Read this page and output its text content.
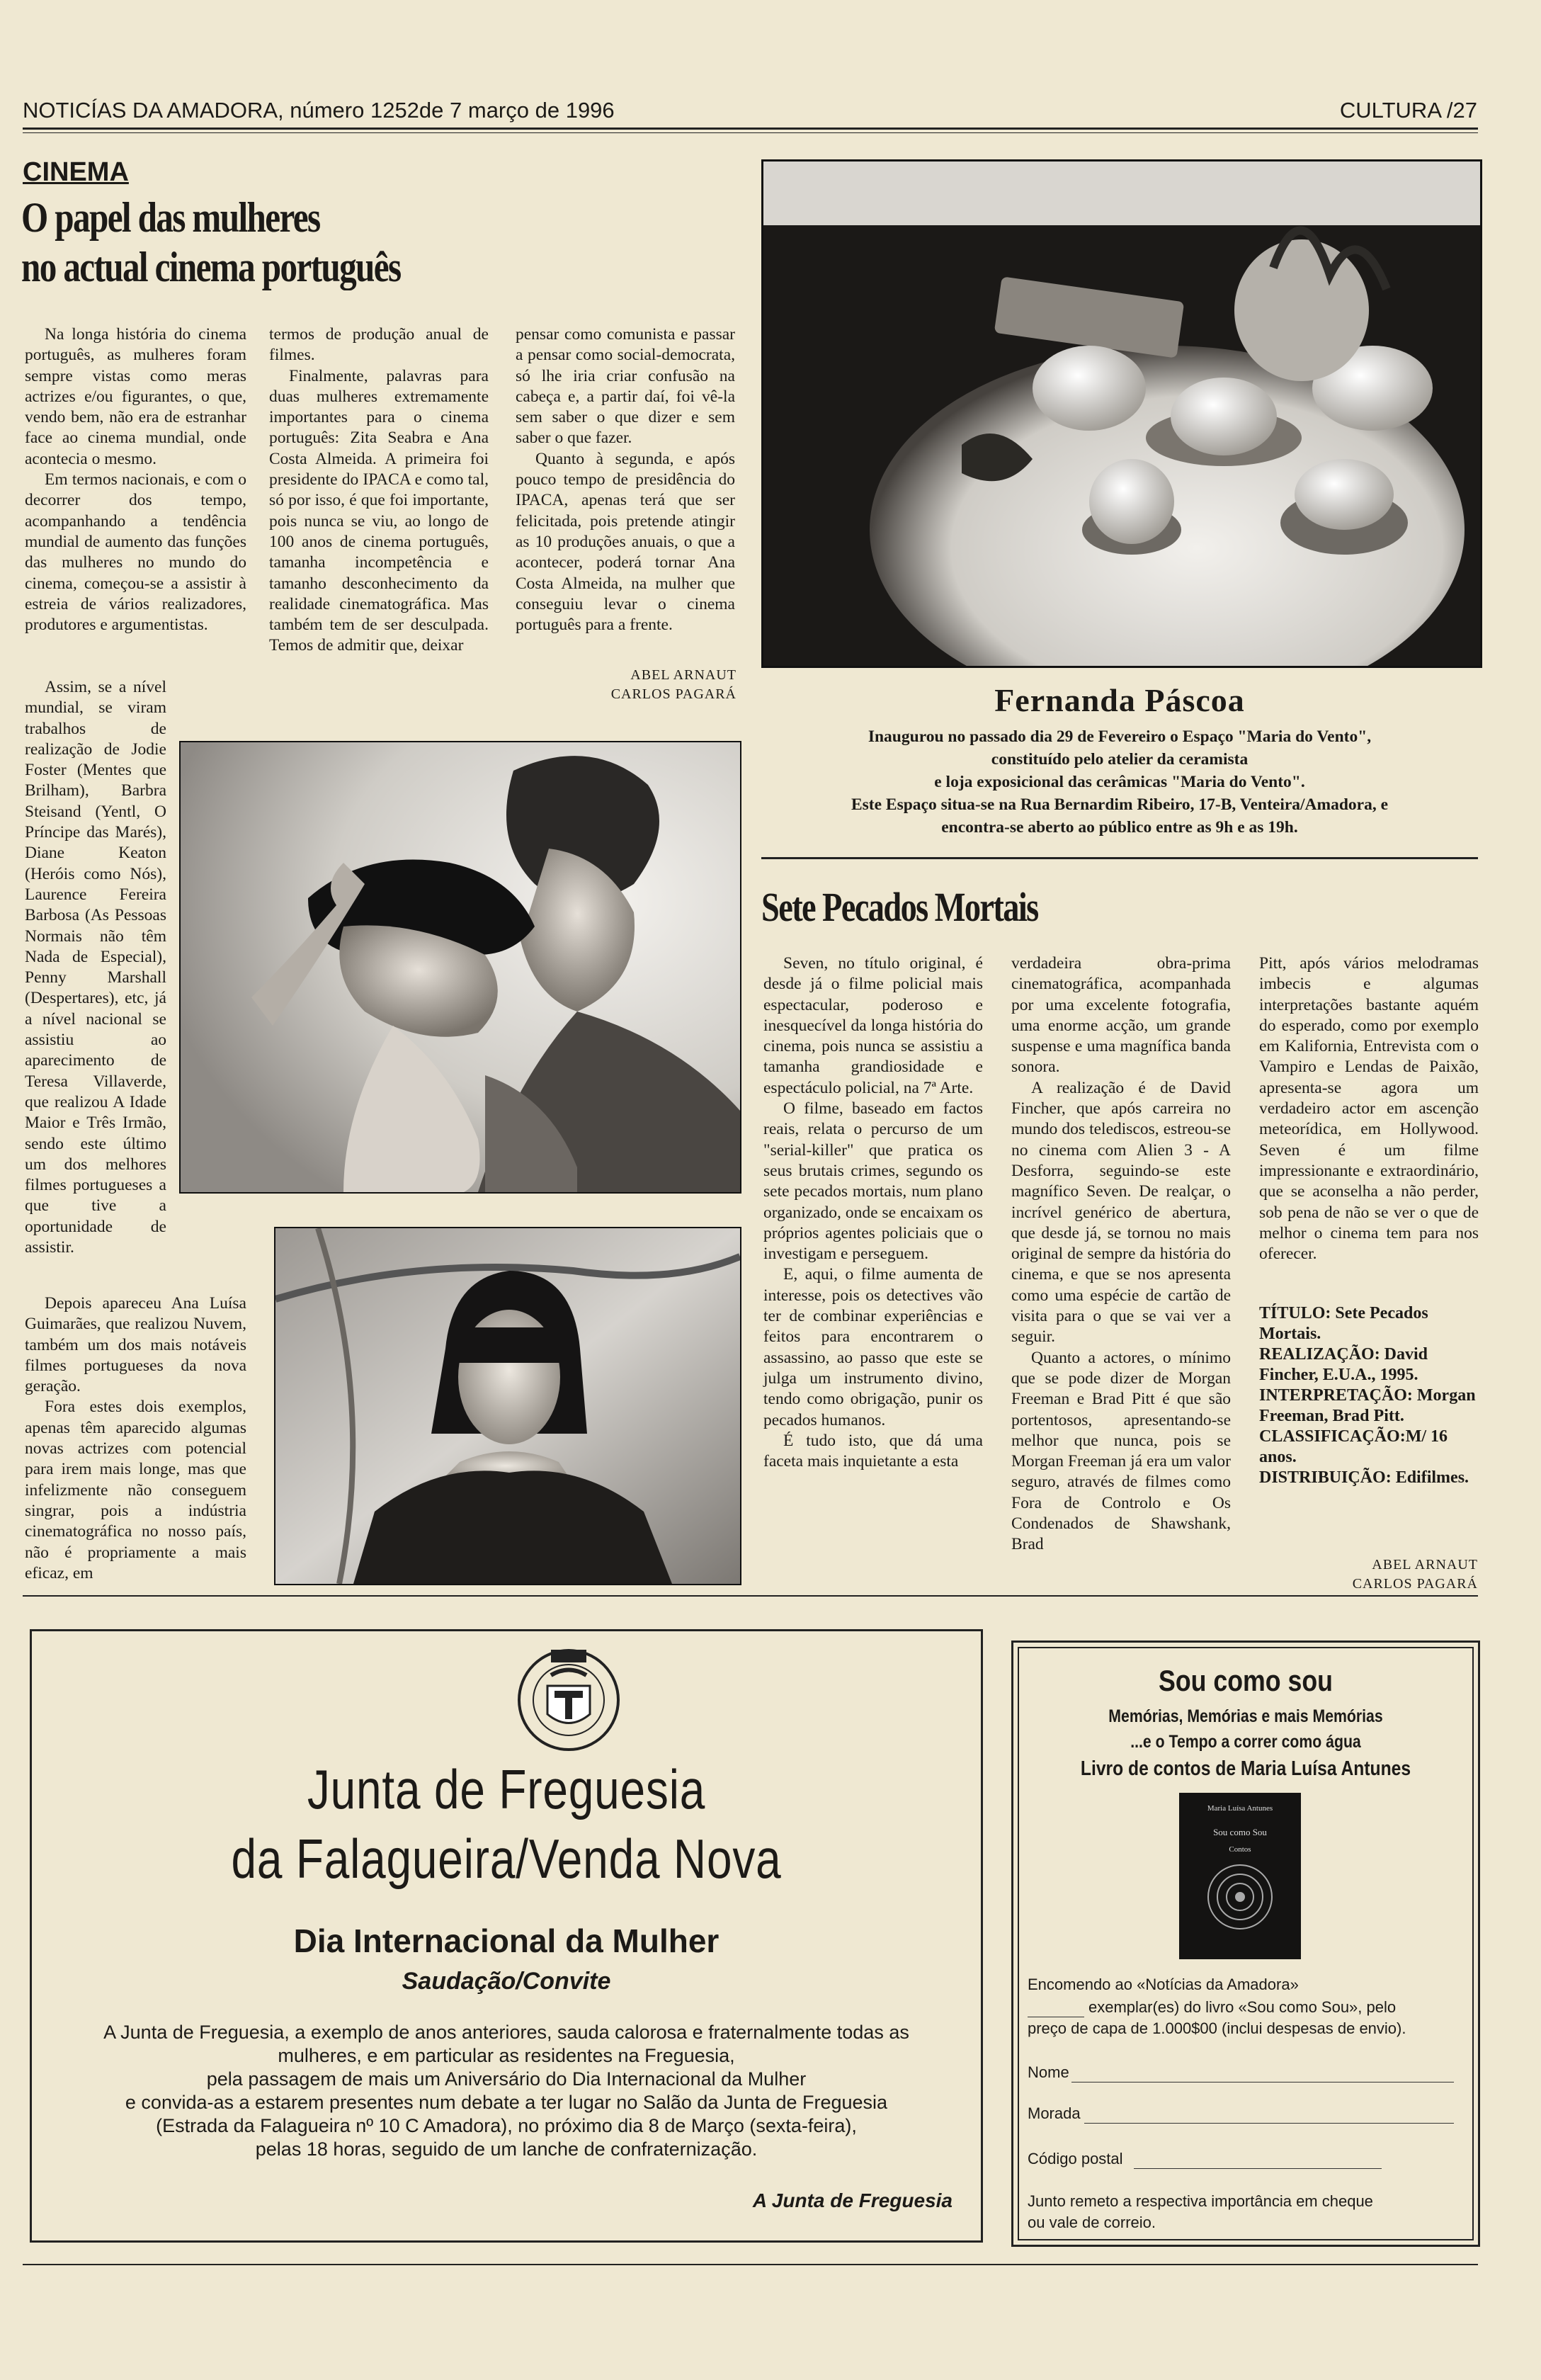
NOTICÍAS DA AMADORA, número 1252de 7 março de 1996	CULTURA /27
CINEMA
O papel das mulheres
no actual cinema português

Na longa história do cinema português, as mulheres foram sempre vistas como meras actrizes e/ou figurantes, o que, vendo bem, não era de estranhar face ao cinema mundial, onde acontecia o mesmo.

Em termos nacionais, e com o decorrer dos tempo, acompanhando a tendência mundial de aumento das funções das mulheres no mundo do cinema, começou-se a assistir à estreia de vários realizadores, produtores e argumentistas.

Assim, se a nível mundial, se viram trabalhos de realização de Jodie Foster (Mentes que Brilham), Barbra Steisand (Yentl, O Príncipe das Marés), Diane Keaton (Heróis como Nós), Laurence Fereira Barbosa (As Pessoas Normais não têm Nada de Especial), Penny Marshall (Despertares), etc, já a nível nacional se assistiu ao aparecimento de Teresa Villaverde, que realizou A Idade Maior e Três Irmão, sendo este último um dos melhores filmes portugueses a que tive a oportunidade de assistir.

Depois apareceu Ana Luísa Guimarães, que realizou Nuvem, também um dos mais notáveis filmes portugueses da nova geração.

Fora estes dois exemplos, apenas têm aparecido algumas novas actrizes com potencial para irem mais longe, mas que infelizmente não conseguem singrar, pois a indústria cinematográfica no nosso país, não é propriamente a mais eficaz, em

termos de produção anual de filmes.

Finalmente, palavras para duas mulheres extremamente importantes para o cinema português: Zita Seabra e Ana Costa Almeida. A primeira foi presidente do IPACA e como tal, só por isso, é que foi importante, pois nunca se viu, ao longo de 100 anos de cinema português, tamanha incompetência e tamanho desconhecimento da realidade cinematográfica. Mas também tem de ser desculpada. Temos de admitir que, deixar

pensar como comunista e passar a pensar como social-democrata, só lhe iria criar confusão na cabeça e, a partir daí, foi vê-la sem saber o que dizer e sem saber o que fazer.

Quanto à segunda, e após pouco tempo de presidência do IPACA, apenas terá que ser felicitada, pois pretende atingir as 10 produções anuais, o que a acontecer, poderá tornar Ana Costa Almeida, na mulher que conseguiu levar o cinema português para a frente.

ABEL ARNAUT
CARLOS PAGARÁ	Fernanda Páscoa
Inaugurou no passado dia 29 de Fevereiro o Espaço "Maria do Vento",
constituído pelo atelier da ceramista
e loja exposicional das cerâmicas "Maria do Vento".
Este Espaço situa-se na Rua Bernardim Ribeiro, 17-B, Venteira/Amadora, e
encontra-se aberto ao público entre as 9h e as 19h.
Sete Pecados Mortais

Seven, no título original, é desde já o filme policial mais espectacular, poderoso e inesquecível da longa história do cinema, pois nunca se assistiu a tamanha grandiosidade e espectáculo policial, na 7ª Arte.

O filme, baseado em factos reais, relata o percurso de um "serial-killer" que pratica os seus brutais crimes, segundo os sete pecados mortais, num plano organizado, onde se encaixam os próprios agentes policiais que o investigam e perseguem.

E, aqui, o filme aumenta de interesse, pois os detectives vão ter de combinar experiências e feitos para encontrarem o assassino, ao passo que este se julga um instrumento divino, tendo como obrigação, punir os pecados humanos.

É tudo isto, que dá uma faceta mais inquietante a esta

verdadeira obra-prima cinematográfica, acompanhada por uma excelente fotografia, uma enorme acção, um grande suspense e uma magnífica banda sonora.

A realização é de David Fincher, que após carreira no mundo dos telediscos, estreou-se no cinema com Alien 3 - A Desforra, seguindo-se este magnífico Seven. De realçar, o incrível genérico de abertura, que desde já, se tornou no mais original de sempre da história do cinema, e que se nos apresenta como uma espécie de cartão de visita para o que se vai ver a seguir.

Quanto a actores, o mínimo que se pode dizer de Morgan Freeman e Brad Pitt é que são portentosos, apresentando-se melhor que nunca, pois se Morgan Freeman já era um valor seguro, através de filmes como Fora de Controlo e Os Condenados de Shawshank, Brad

Pitt, após vários melodramas imbecis e algumas interpretações bastante aquém do esperado, como por exemplo em Kalifornia, Entrevista com o Vampiro e Lendas de Paixão, apresenta-se agora um verdadeiro actor em ascenção meteorídica, em Hollywood. Seven é um filme impressionante e extraordinário, que se aconselha a não perder, sob pena de não se ver o que de melhor o cinema tem para nos oferecer.

TÍTULO: Sete Pecados Mortais.

REALIZAÇÃO: David Fincher, E.U.A., 1995.

INTERPRETAÇÃO: Morgan Freeman, Brad Pitt.

CLASSIFICAÇÃO:M/ 16 anos.

DISTRIBUIÇÃO: Edifilmes.

ABEL ARNAUT
CARLOS PAGARÁ
Junta de Freguesia
da Falagueira/Venda Nova
Dia Internacional da Mulher
Saudação/Convite
A Junta de Freguesia, a exemplo de anos anteriores, sauda calorosa e fraternalmente todas as
mulheres, e em particular as residentes na Freguesia,
pela passagem de mais um Aniversário do Dia Internacional da Mulher
e convida-as a estarem presentes num debate a ter lugar no Salão da Junta de Freguesia
(Estrada da Falagueira nº 10 C Amadora), no próximo dia 8 de Março (sexta-feira),
pelas 18 horas, seguido de um lanche de confraternização.
A Junta de Freguesia
Sou como sou
Memórias, Memórias e mais Memórias
...e o Tempo a correr como água
Livro de contos de Maria Luísa Antunes
Maria Luísa Antunes
Sou como Sou
Contos
Encomendo ao «Notícias da Amadora»
exemplar(es) do livro «Sou como Sou», pelo
preço de capa de 1.000$00 (inclui despesas de envio).
Nome
Morada
Código postal
Junto remeto a respectiva importância em cheque
ou vale de correio.
